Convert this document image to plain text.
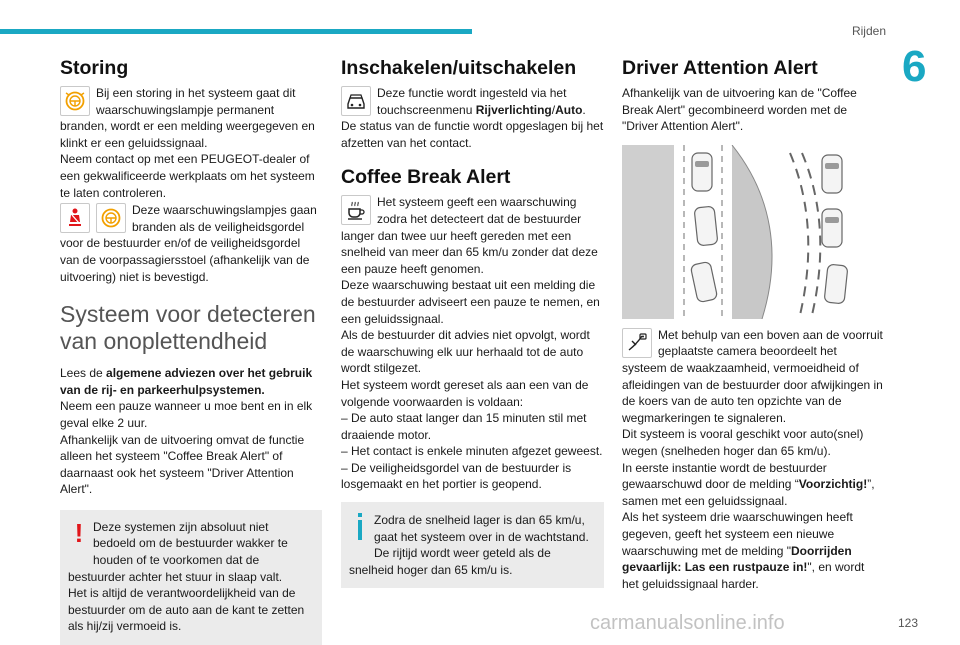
Rijden
6
Storing
Bij een storing in het systeem gaat dit waarschuwingslampje permanent branden, wordt er een melding weergegeven en klinkt er een geluidssignaal.

Neem contact op met een PEUGEOT-dealer of een gekwalificeerde werkplaats om het systeem te laten controleren.

Deze waarschuwingslampjes gaan branden als de veiligheidsgordel voor de bestuurder en/of de veiligheidsgordel van de voorpassagiersstoel (afhankelijk van de uitvoering) niet is bevestigd.
Systeem voor detecteren van onoplettendheid

Lees de algemene adviezen over het gebruik van de rij- en parkeerhulpsystemen.

Neem een pauze wanneer u moe bent en in elk geval elke 2 uur.

Afhankelijk van de uitvoering omvat de functie alleen het systeem "Coffee Break Alert" of daarnaast ook het systeem "Driver Attention Alert".

! Deze systemen zijn absoluut niet bedoeld om de bestuurder wakker te houden of te voorkomen dat de bestuurder achter het stuur in slaap valt.

Het is altijd de verantwoordelijkheid van de bestuurder om de auto aan de kant te zetten als hij/zij vermoeid is.

Inschakelen/uitschakelen
Deze functie wordt ingesteld via het touchscreenmenu Rijverlichting/Auto.

De status van de functie wordt opgeslagen bij het afzetten van het contact.

Coffee Break Alert
Het systeem geeft een waarschuwing zodra het detecteert dat de bestuurder langer dan twee uur heeft gereden met een snelheid van meer dan 65 km/u zonder dat deze een pauze heeft genomen.

Deze waarschuwing bestaat uit een melding die de bestuurder adviseert een pauze te nemen, en een geluidssignaal.

Als de bestuurder dit advies niet opvolgt, wordt de waarschuwing elk uur herhaald tot de auto wordt stilgezet.

Het systeem wordt gereset als aan een van de volgende voorwaarden is voldaan:

– De auto staat langer dan 15 minuten stil met draaiende motor.

– Het contact is enkele minuten afgezet geweest.

– De veiligheidsgordel van de bestuurder is losgemaakt en het portier is geopend.

Zodra de snelheid lager is dan 65 km/u, gaat het systeem over in de wachtstand.

De rijtijd wordt weer geteld als de snelheid hoger dan 65 km/u is.

Driver Attention Alert

Afhankelijk van de uitvoering kan de "Coffee Break Alert" gecombineerd worden met de "Driver Attention Alert".

Met behulp van een boven aan de voorruit geplaatste camera beoordeelt het systeem de waakzaamheid, vermoeidheid of afleidingen van de bestuurder door afwijkingen in de koers van de auto ten opzichte van de wegmarkeringen te signaleren.

Dit systeem is vooral geschikt voor auto(snel) wegen (snelheden hoger dan 65 km/u).

In eerste instantie wordt de bestuurder gewaarschuwd door de melding “Voorzichtig!”, samen met een geluidssignaal.

Als het systeem drie waarschuwingen heeft gegeven, geeft het systeem een nieuwe waarschuwing met de melding "Doorrijden gevaarlijk: Las een rustpauze in!", en wordt het geluidssignaal harder.

carmanualsonline.info	123
